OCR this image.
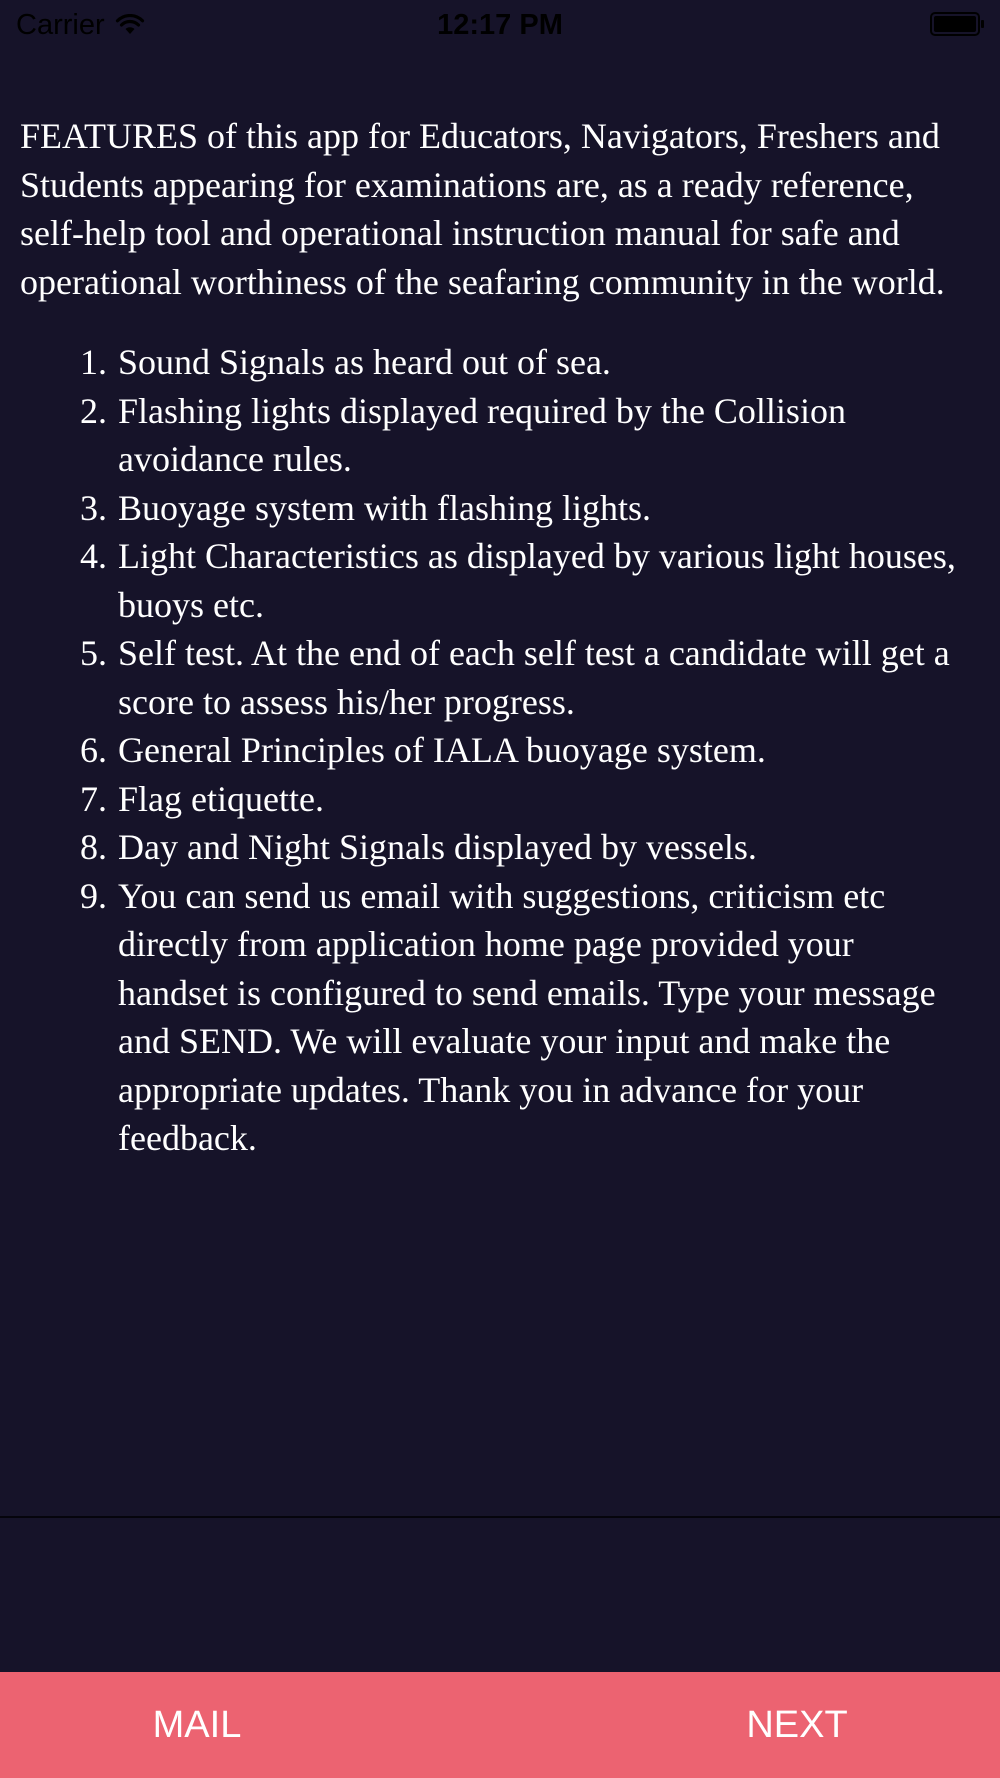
Carrier	12:17 PM

FEATURES of this app for Educators, Navigators, Freshers and Students appearing for examinations are, as a ready reference, self-help tool and operational instruction manual for safe and operational worthiness of the seafaring community in the world.

1. Sound Signals as heard out of sea.
2. Flashing lights displayed required by the Collision avoidance rules.
3. Buoyage system with flashing lights.
4. Light Characteristics as displayed by various light houses, buoys etc.
5. Self test. At the end of each self test a candidate will get a score to assess his/her progress.
6. General Principles of IALA buoyage system.
7. Flag etiquette.
8. Day and Night Signals displayed by vessels.
9. You can send us email with suggestions, criticism etc directly from application home page provided your handset is configured to send emails. Type your message and SEND. We will evaluate your input and make the appropriate updates. Thank you in advance for your feedback.
MAIL	NEXT
